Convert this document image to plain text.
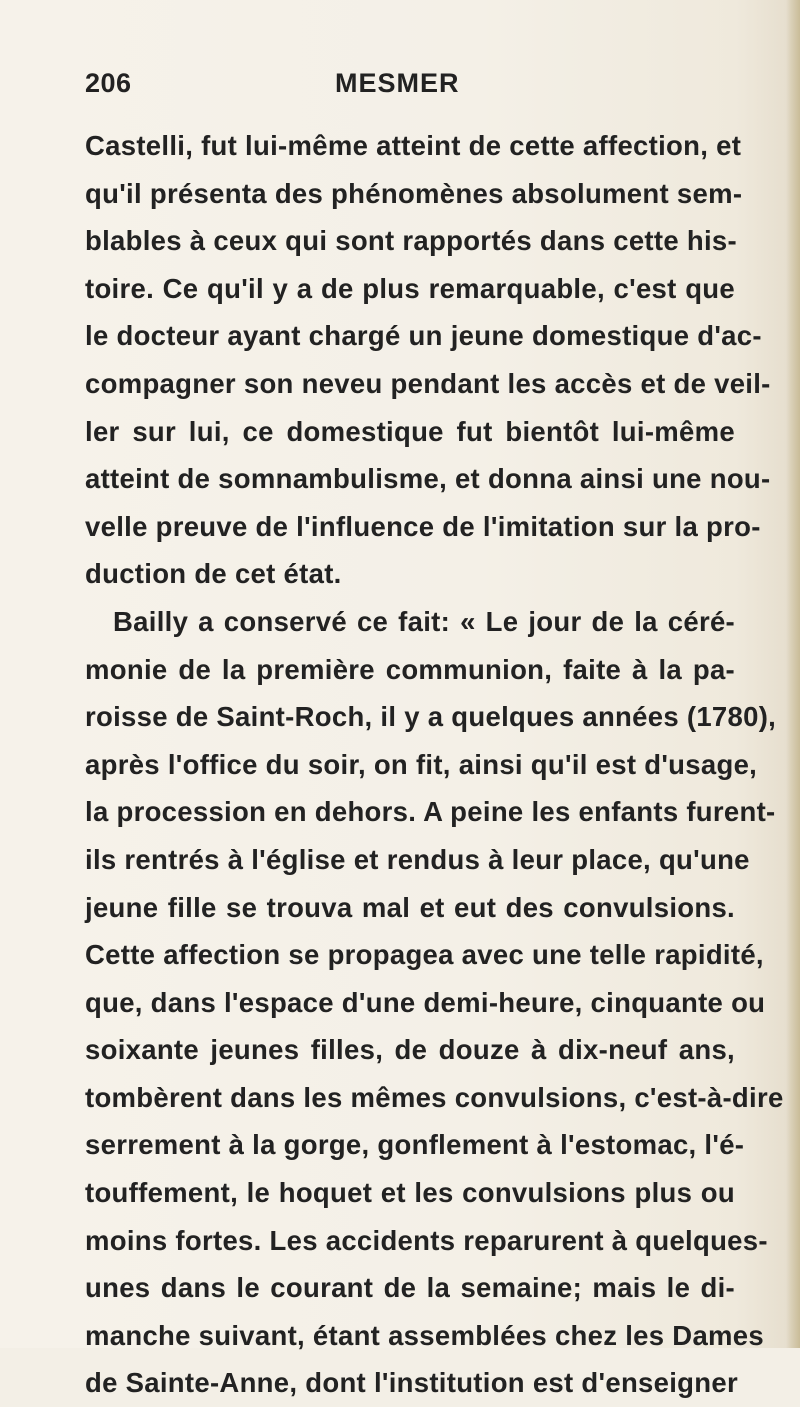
206	MESMER
Castelli, fut lui-même atteint de cette affection, et
qu'il présenta des phénomènes absolument sem-
blables à ceux qui sont rapportés dans cette his-
toire. Ce qu'il y a de plus remarquable, c'est que
le docteur ayant chargé un jeune domestique d'ac-
compagner son neveu pendant les accès et de veil-
ler sur lui, ce domestique fut bientôt lui-même
atteint de somnambulisme, et donna ainsi une nou-
velle preuve de l'influence de l'imitation sur la pro-
duction de cet état.
Bailly a conservé ce fait: « Le jour de la céré-
monie de la première communion, faite à la pa-
roisse de Saint-Roch, il y a quelques années (1780),
après l'office du soir, on fit, ainsi qu'il est d'usage,
la procession en dehors. A peine les enfants furent-
ils rentrés à l'église et rendus à leur place, qu'une
jeune fille se trouva mal et eut des convulsions.
Cette affection se propagea avec une telle rapidité,
que, dans l'espace d'une demi-heure, cinquante ou
soixante jeunes filles, de douze à dix-neuf ans,
tombèrent dans les mêmes convulsions, c'est-à-dire
serrement à la gorge, gonflement à l'estomac, l'é-
touffement, le hoquet et les convulsions plus ou
moins fortes. Les accidents reparurent à quelques-
unes dans le courant de la semaine; mais le di-
manche suivant, étant assemblées chez les Dames
de Sainte-Anne, dont l'institution est d'enseigner
